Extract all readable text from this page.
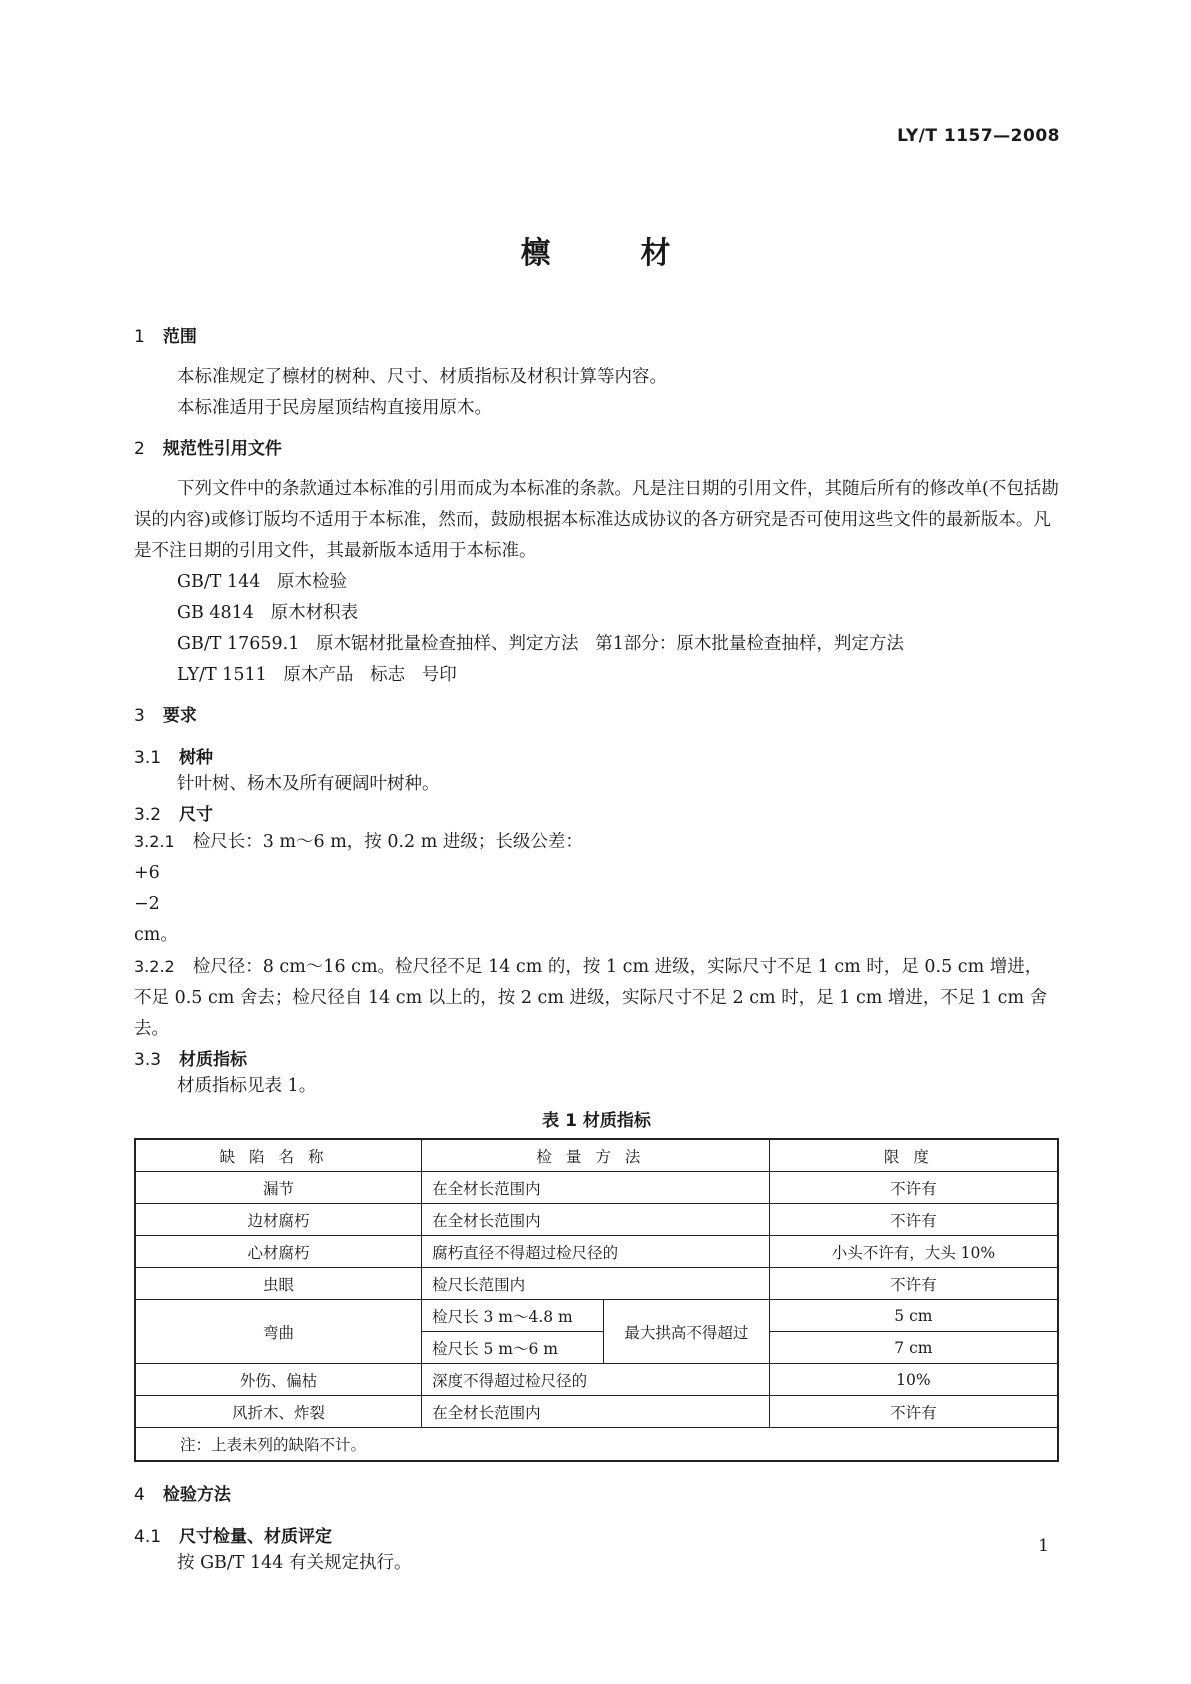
LY/T 1157—2008
檩	材
1 范围
本标准规定了檩材的树种、尺寸、材质指标及材积计算等内容。
本标准适用于民房屋顶结构直接用原木。
2 规范性引用文件
下列文件中的条款通过本标准的引用而成为本标准的条款。凡是注日期的引用文件，其随后所有的修改单(不包括勘误的内容)或修订版均不适用于本标准，然而，鼓励根据本标准达成协议的各方研究是否可使用这些文件的最新版本。凡是不注日期的引用文件，其最新版本适用于本标准。
GB/T 144   原木检验
GB 4814   原木材积表
GB/T 17659.1   原木锯材批量检查抽样、判定方法   第1部分：原木批量检查抽样，判定方法
LY/T 1511   原木产品   标志   号印
3 要求
3.1 树种
针叶树、杨木及所有硬阔叶树种。
3.2 尺寸
3.2.1 检尺长：3 m～6 m，按 0.2 m 进级；长级公差：
+6
−2
cm。
3.2.2 检尺径：8 cm～16 cm。检尺径不足 14 cm 的，按 1 cm 进级，实际尺寸不足 1 cm 时，足 0.5 cm 增进，不足 0.5 cm 舍去；检尺径自 14 cm 以上的，按 2 cm 进级，实际尺寸不足 2 cm 时，足 1 cm 增进，不足 1 cm 舍去。
3.3 材质指标
材质指标见表 1。
表 1 材质指标
缺陷名称	检量方法		限度
漏节	在全材长范围内		不许有
边材腐朽	在全材长范围内		不许有
心材腐朽	腐朽直径不得超过检尺径的		小头不许有，大头 10%
虫眼	检尺长范围内		不许有
弯曲	检尺长 3 m～4.8 m	最大拱高不得超过	5 cm
	检尺长 5 m～6 m		7 cm
外伤、偏枯	深度不得超过检尺径的		10%
风折木、炸裂	在全材长范围内		不许有
注：上表未列的缺陷不计。			
4 检验方法
4.1 尺寸检量、材质评定
按 GB/T 144 有关规定执行。
1
